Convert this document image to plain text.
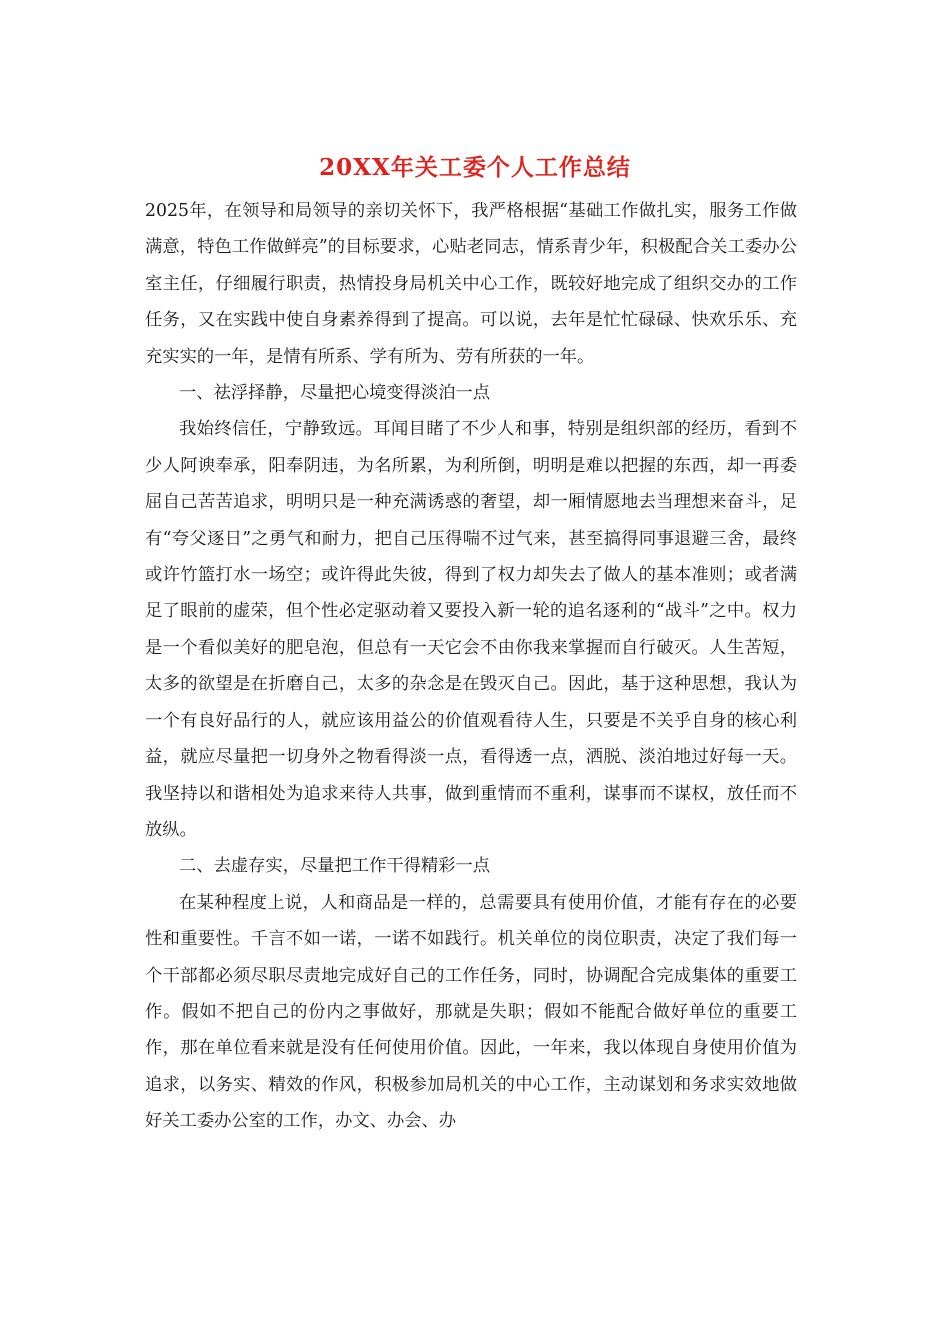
20XX年关工委个人工作总结

2025年，在领导和局领导的亲切关怀下，我严格根据“基础工作做扎实，服务工作做满意，特色工作做鲜亮”的目标要求，心贴老同志，情系青少年，积极配合关工委办公室主任，仔细履行职责，热情投身局机关中心工作，既较好地完成了组织交办的工作任务，又在实践中使自身素养得到了提高。可以说，去年是忙忙碌碌、快欢乐乐、充充实实的一年，是情有所系、学有所为、劳有所获的一年。

一、祛浮择静，尽量把心境变得淡泊一点

我始终信任，宁静致远。耳闻目睹了不少人和事，特别是组织部的经历，看到不少人阿谀奉承，阳奉阴违，为名所累，为利所倒，明明是难以把握的东西，却一再委屈自己苦苦追求，明明只是一种充满诱惑的奢望，却一厢情愿地去当理想来奋斗，足有“夸父逐日”之勇气和耐力，把自己压得喘不过气来，甚至搞得同事退避三舍，最终或许竹篮打水一场空；或许得此失彼，得到了权力却失去了做人的基本准则；或者满足了眼前的虚荣，但个性必定驱动着又要投入新一轮的追名逐利的“战斗”之中。权力是一个看似美好的肥皂泡，但总有一天它会不由你我来掌握而自行破灭。人生苦短，太多的欲望是在折磨自己，太多的杂念是在毁灭自己。因此，基于这种思想，我认为一个有良好品行的人，就应该用益公的价值观看待人生，只要是不关乎自身的核心利益，就应尽量把一切身外之物看得淡一点，看得透一点，洒脱、淡泊地过好每一天。我坚持以和谐相处为追求来待人共事，做到重情而不重利，谋事而不谋权，放任而不放纵。

二、去虚存实，尽量把工作干得精彩一点

在某种程度上说，人和商品是一样的，总需要具有使用价值，才能有存在的必要性和重要性。千言不如一诺，一诺不如践行。机关单位的岗位职责，决定了我们每一个干部都必须尽职尽责地完成好自己的工作任务，同时，协调配合完成集体的重要工作。假如不把自己的份内之事做好，那就是失职；假如不能配合做好单位的重要工作，那在单位看来就是没有任何使用价值。因此，一年来，我以体现自身使用价值为追求，以务实、精效的作风，积极参加局机关的中心工作，主动谋划和务求实效地做好关工委办公室的工作，办文、办会、办
